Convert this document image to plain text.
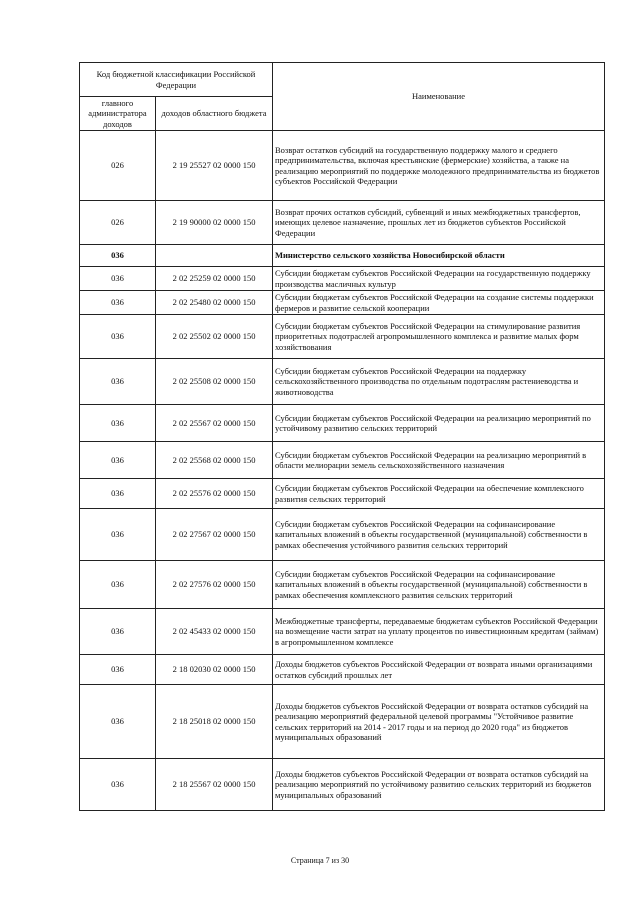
Код бюджетной классификации Российской Федерации		Наименование
главного администратора доходов	доходов областного бюджета	
026	2 19 25527 02 0000 150	Возврат остатков субсидий на государственную поддержку малого и среднего предпринимательства, включая крестьянские (фермерские) хозяйства, а также на реализацию мероприятий по поддержке молодежного предпринимательства из бюджетов субъектов Российской Федерации
026	2 19 90000 02 0000 150	Возврат прочих остатков субсидий, субвенций и иных межбюджетных трансфертов, имеющих целевое назначение, прошлых лет из бюджетов субъектов Российской Федерации
036		Министерство сельского хозяйства Новосибирской области
036	2 02 25259 02 0000 150	Субсидии бюджетам субъектов Российской Федерации на государственную поддержку производства масличных культур
036	2 02 25480 02 0000 150	Субсидии бюджетам субъектов Российской Федерации на создание системы поддержки фермеров и развитие сельской кооперации
036	2 02 25502 02 0000 150	Субсидии бюджетам субъектов Российской Федерации на стимулирование развития приоритетных подотраслей агропромышленного комплекса и развитие малых форм хозяйствования
036	2 02 25508 02 0000 150	Субсидии бюджетам субъектов Российской Федерации на поддержку сельскохозяйственного производства по отдельным подотраслям растениеводства и животноводства
036	2 02 25567 02 0000 150	Субсидии бюджетам субъектов Российской Федерации на реализацию мероприятий по устойчивому развитию сельских территорий
036	2 02 25568 02 0000 150	Субсидии бюджетам субъектов Российской Федерации на реализацию мероприятий в области мелиорации земель сельскохозяйственного назначения
036	2 02 25576 02 0000 150	Субсидии бюджетам субъектов Российской Федерации на обеспечение комплексного развития сельских территорий
036	2 02 27567 02 0000 150	Субсидии бюджетам субъектов Российской Федерации на софинансирование капитальных вложений в объекты государственной (муниципальной) собственности в рамках обеспечения устойчивого развития сельских территорий
036	2 02 27576 02 0000 150	Субсидии бюджетам субъектов Российской Федерации на софинансирование капитальных вложений в объекты государственной (муниципальной) собственности в рамках обеспечения комплексного развития сельских территорий
036	2 02 45433 02 0000 150	Межбюджетные трансферты, передаваемые бюджетам субъектов Российской Федерации на возмещение части затрат на уплату процентов по инвестиционным кредитам (займам) в агропромышленном комплексе
036	2 18 02030 02 0000 150	Доходы бюджетов субъектов Российской Федерации от возврата иными организациями остатков субсидий прошлых лет
036	2 18 25018 02 0000 150	Доходы бюджетов субъектов Российской Федерации от возврата остатков субсидий на реализацию мероприятий федеральной целевой программы "Устойчивое развитие сельских территорий на 2014 - 2017 годы и на период до 2020 года" из бюджетов муниципальных образований
036	2 18 25567 02 0000 150	Доходы бюджетов субъектов Российской Федерации от возврата остатков субсидий на реализацию мероприятий по устойчивому развитию сельских территорий из бюджетов муниципальных образований
Страница 7 из 30
